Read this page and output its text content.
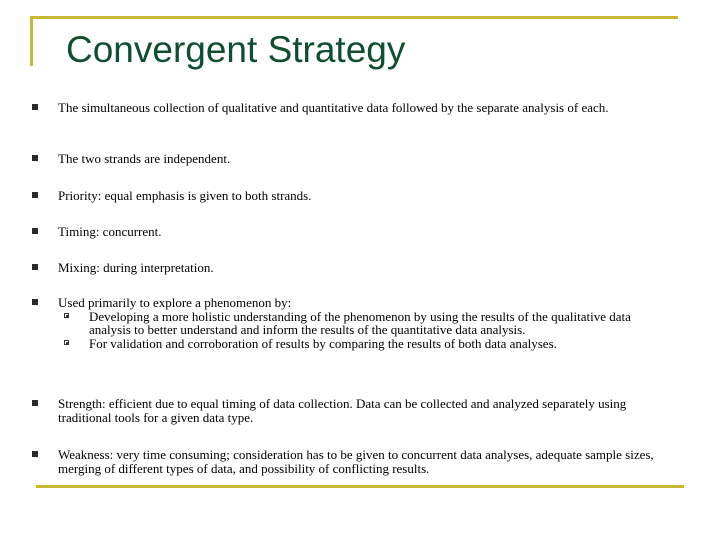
Convergent Strategy
The simultaneous collection of qualitative and quantitative data followed by the separate analysis of each.
The two strands are independent.
Priority: equal emphasis is given to both strands.
Timing: concurrent.
Mixing: during interpretation.
Used primarily to explore a phenomenon by:
Developing a more holistic understanding of the phenomenon by using the results of the qualitative data analysis to better understand and inform the results of the quantitative data analysis.
For validation and corroboration of results by comparing the results of both data analyses.
Strength: efficient due to equal timing of data collection. Data can be collected and analyzed separately using traditional tools for a given data type.
Weakness: very time consuming; consideration has to be given to concurrent data analyses, adequate sample sizes, merging of different types of data, and possibility of conflicting results.
